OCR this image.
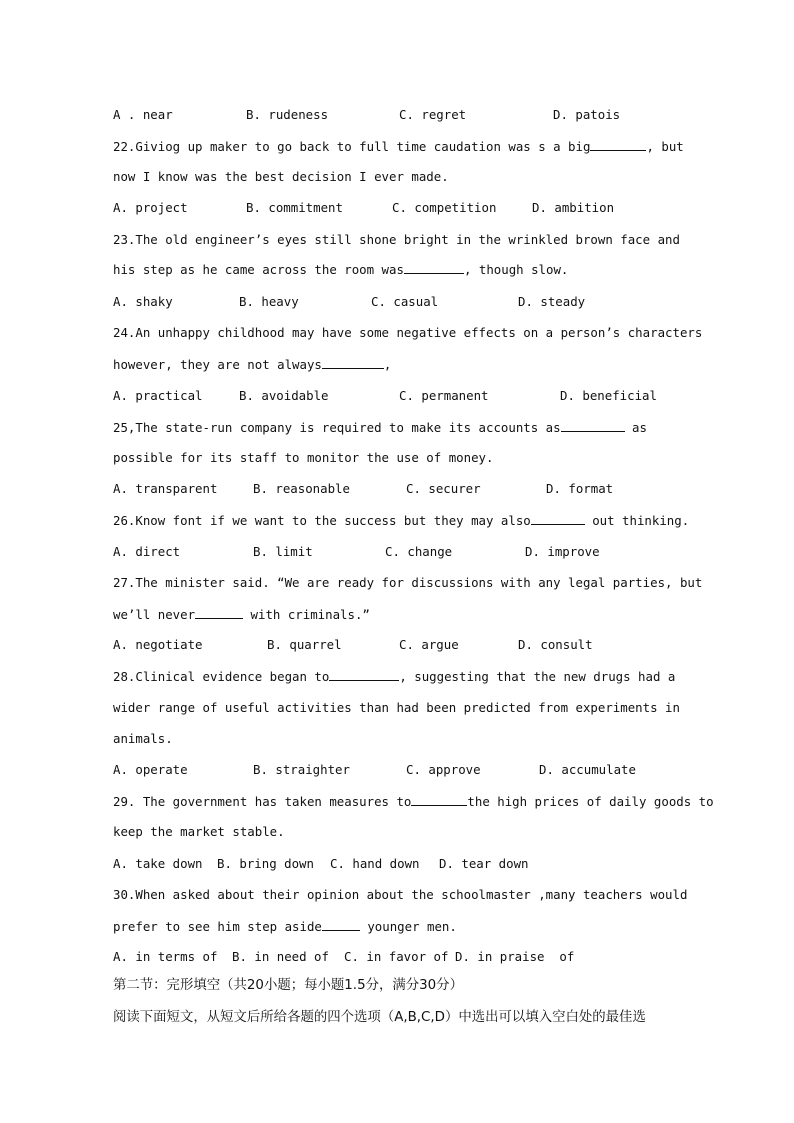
A . near	B. rudeness	C. regret	D. patois
22.Giviog up maker to go back to full time caudation was s a big	, but
now I know was the best decision I ever made.
A. project	B. commitment	C. competition	D. ambition
23.The old engineer’s eyes still shone bright in the wrinkled brown face and
his step as he came across the room was	, though slow.
A. shaky	B. heavy	C. casual	D. steady
24.An unhappy childhood may have some negative effects on a person’s characters
however, they are not always	,
A. practical	B. avoidable	C. permanent	D. beneficial
25,The state-run company is required to make its accounts as	as
possible for its staff to monitor the use of money.
A. transparent	B. reasonable	C. securer	D. format
26.Know font if we want to the success but they may also	out thinking.
A. direct	B. limit	C. change	D. improve
27.The minister said. “We are ready for discussions with any legal parties, but
we’ll never	with criminals.”
A. negotiate	B. quarrel	C. argue	D. consult
28.Clinical evidence began to	, suggesting that the new drugs had a
wider range of useful activities than had been predicted from experiments in
animals.
A. operate	B. straighter	C. approve	D. accumulate
29. The government has taken measures to	the high prices of daily goods to
keep the market stable.
A. take down B. bring down C. hand down D. tear down
30.When asked about their opinion about the schoolmaster ,many teachers would
prefer to see him step aside	younger men.
A. in terms of B. in need of C. in favor of D. in praise  of
第二节：完形填空（共20小题；每小题1.5分，满分30分）
阅读下面短文，从短文后所给各题的四个选项（A,B,C,D）中选出可以填入空白处的最佳选
